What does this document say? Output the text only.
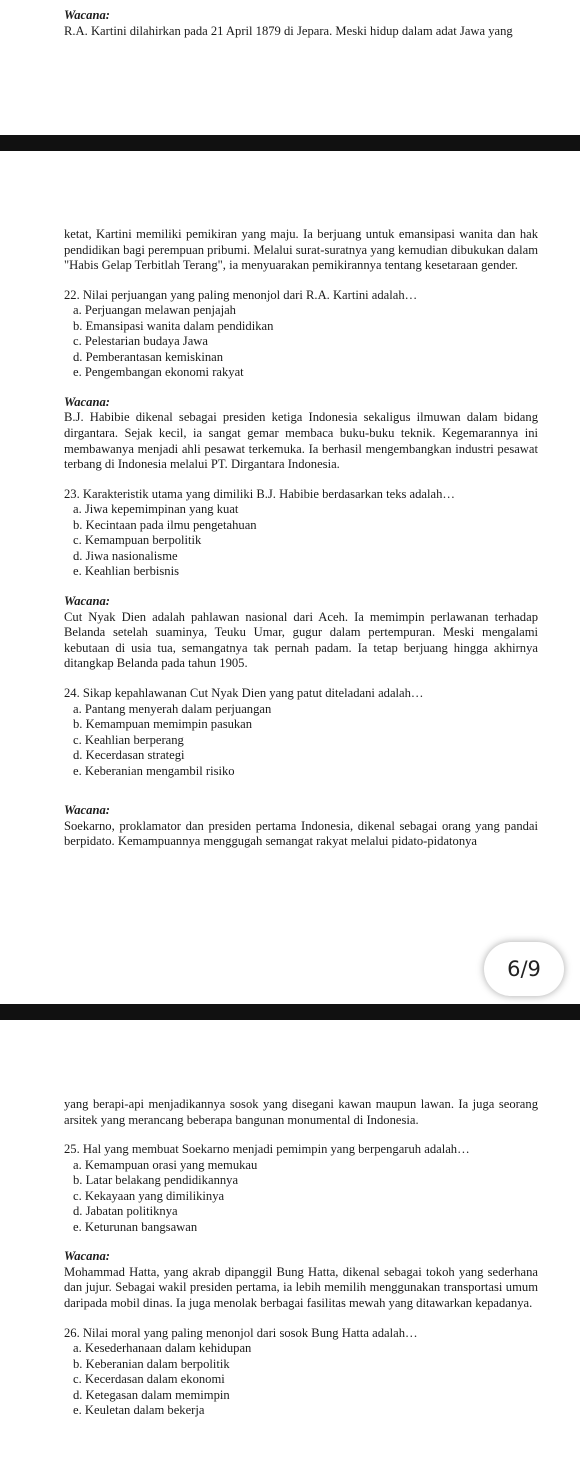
Wacana:
R.A. Kartini dilahirkan pada 21 April 1879 di Jepara. Meski hidup dalam adat Jawa yang
ketat, Kartini memiliki pemikiran yang maju. Ia berjuang untuk emansipasi wanita dan hak pendidikan bagi perempuan pribumi. Melalui surat-suratnya yang kemudian dibukukan dalam "Habis Gelap Terbitlah Terang", ia menyuarakan pemikirannya tentang kesetaraan gender.
22. Nilai perjuangan yang paling menonjol dari R.A. Kartini adalah…
a. Perjuangan melawan penjajah
b. Emansipasi wanita dalam pendidikan
c. Pelestarian budaya Jawa
d. Pemberantasan kemiskinan
e. Pengembangan ekonomi rakyat
Wacana:
B.J. Habibie dikenal sebagai presiden ketiga Indonesia sekaligus ilmuwan dalam bidang dirgantara. Sejak kecil, ia sangat gemar membaca buku-buku teknik. Kegemarannya ini membawanya menjadi ahli pesawat terkemuka. Ia berhasil mengembangkan industri pesawat terbang di Indonesia melalui PT. Dirgantara Indonesia.
23. Karakteristik utama yang dimiliki B.J. Habibie berdasarkan teks adalah…
a. Jiwa kepemimpinan yang kuat
b. Kecintaan pada ilmu pengetahuan
c. Kemampuan berpolitik
d. Jiwa nasionalisme
e. Keahlian berbisnis
Wacana:
Cut Nyak Dien adalah pahlawan nasional dari Aceh. Ia memimpin perlawanan terhadap Belanda setelah suaminya, Teuku Umar, gugur dalam pertempuran. Meski mengalami kebutaan di usia tua, semangatnya tak pernah padam. Ia tetap berjuang hingga akhirnya ditangkap Belanda pada tahun 1905.
24. Sikap kepahlawanan Cut Nyak Dien yang patut diteladani adalah…
a. Pantang menyerah dalam perjuangan
b. Kemampuan memimpin pasukan
c. Keahlian berperang
d. Kecerdasan strategi
e. Keberanian mengambil risiko
Wacana:
Soekarno, proklamator dan presiden pertama Indonesia, dikenal sebagai orang yang pandai berpidato. Kemampuannya menggugah semangat rakyat melalui pidato-pidatonya
6/9
yang berapi-api menjadikannya sosok yang disegani kawan maupun lawan. Ia juga seorang arsitek yang merancang beberapa bangunan monumental di Indonesia.
25. Hal yang membuat Soekarno menjadi pemimpin yang berpengaruh adalah…
a. Kemampuan orasi yang memukau
b. Latar belakang pendidikannya
c. Kekayaan yang dimilikinya
d. Jabatan politiknya
e. Keturunan bangsawan
Wacana:
Mohammad Hatta, yang akrab dipanggil Bung Hatta, dikenal sebagai tokoh yang sederhana dan jujur. Sebagai wakil presiden pertama, ia lebih memilih menggunakan transportasi umum daripada mobil dinas. Ia juga menolak berbagai fasilitas mewah yang ditawarkan kepadanya.
26. Nilai moral yang paling menonjol dari sosok Bung Hatta adalah…
a. Kesederhanaan dalam kehidupan
b. Keberanian dalam berpolitik
c. Kecerdasan dalam ekonomi
d. Ketegasan dalam memimpin
e. Keuletan dalam bekerja
